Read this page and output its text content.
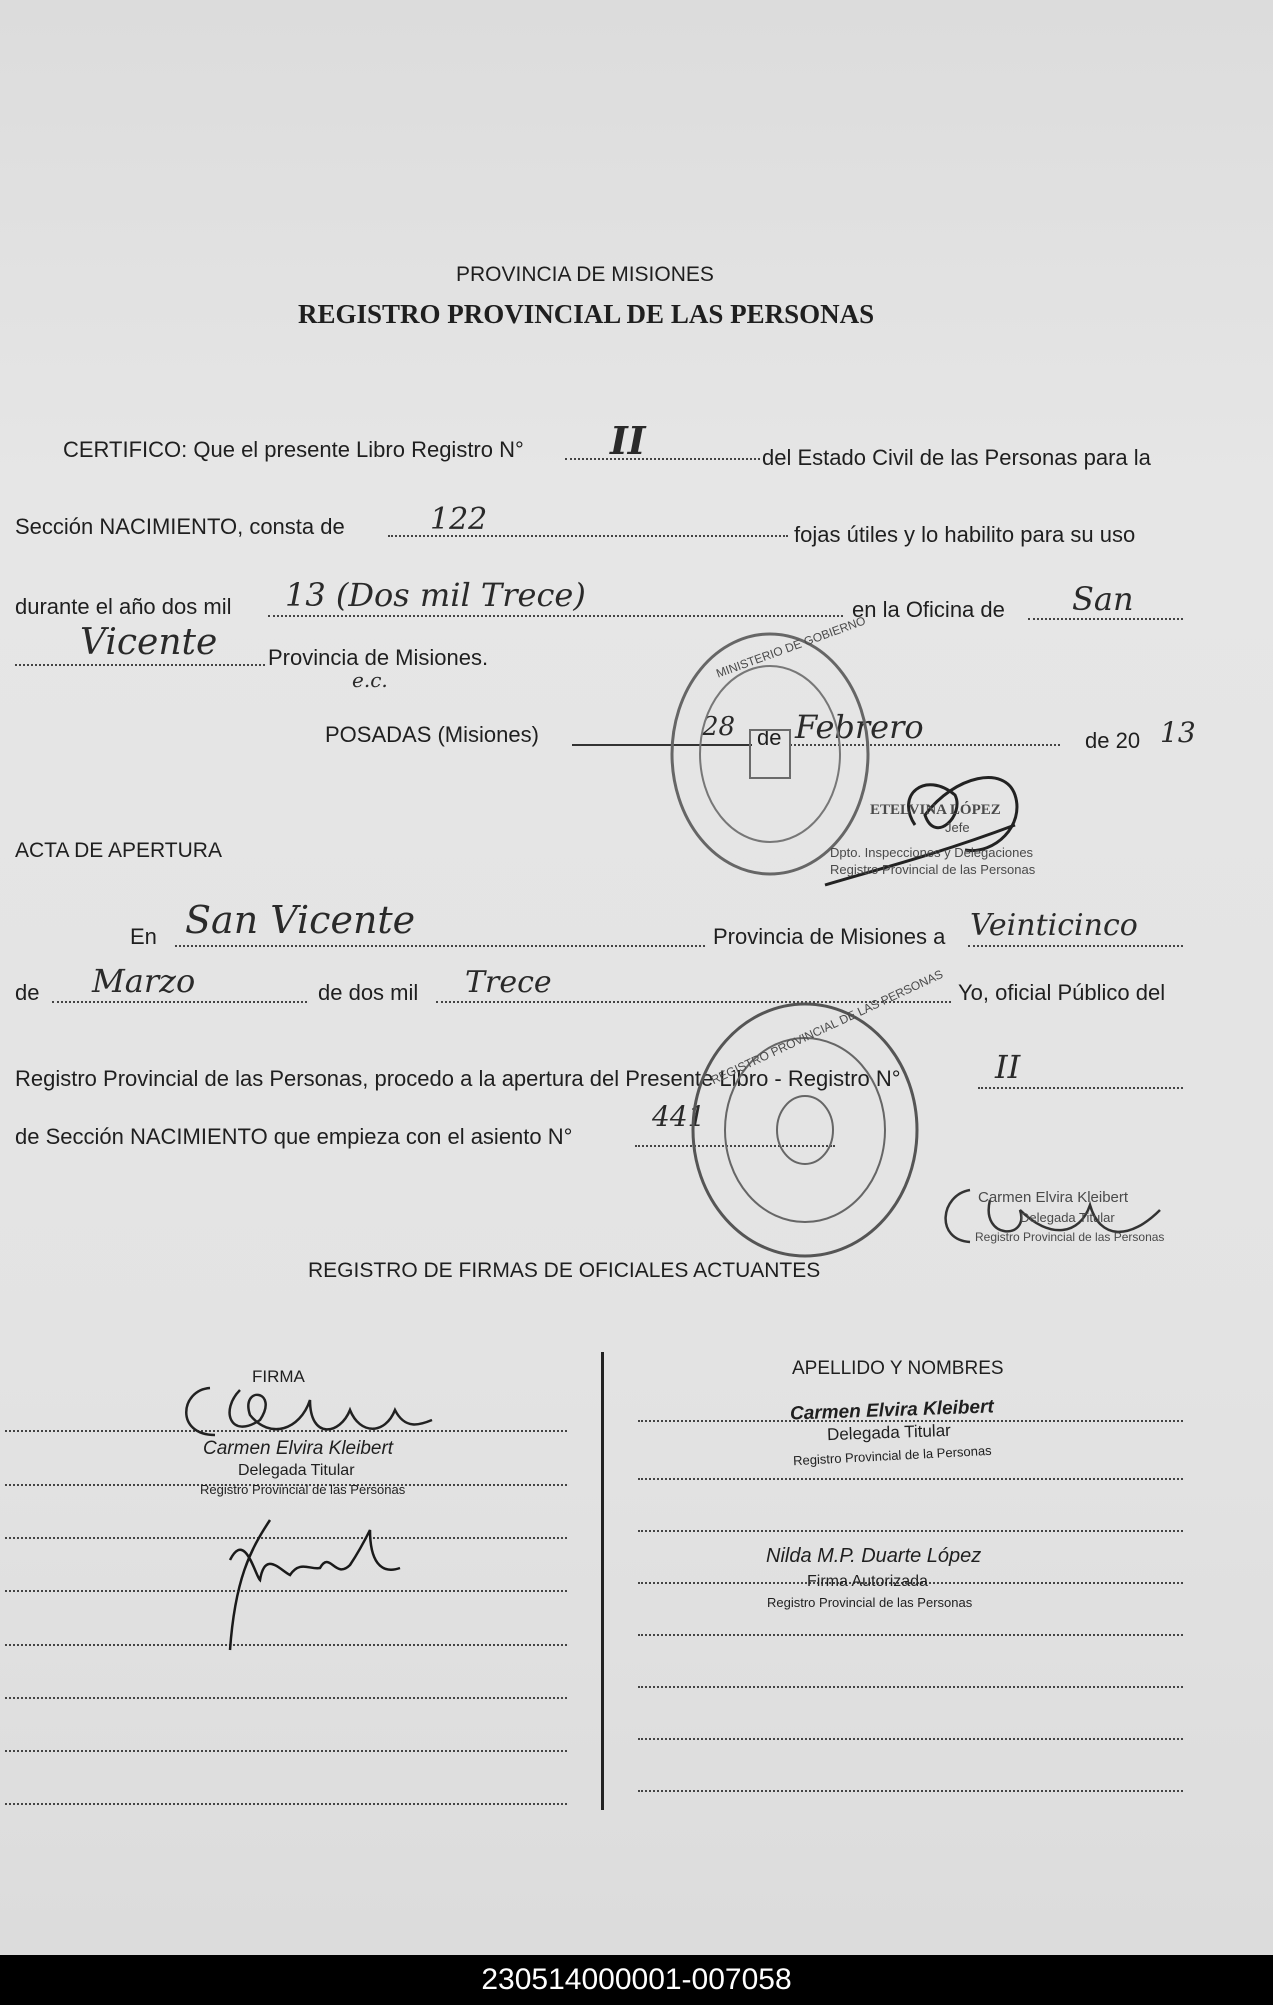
PROVINCIA DE MISIONES
REGISTRO PROVINCIAL DE LAS PERSONAS
CERTIFICO: Que el presente Libro Registro N° II	del Estado Civil de las Personas para la
Sección NACIMIENTO, consta de	122	fojas útiles y lo habilito para su uso
durante el año dos mil 13 (Dos mil Trece)	en la Oficina de San
Vicente Provincia de Misiones.
e.c.
POSADAS (Misiones)	28 de Febrero	de 20 13
MINISTERIO DE GOBIERNO
ETELVINA LÓPEZ
Jefe
Dpto. Inspecciones y Delegaciones
Registro Provincial de las Personas
ACTA DE APERTURA
En San Vicente	Provincia de Misiones a Veinticinco
de Marzo	de dos mil Trece	Yo, oficial Público del
Registro Provincial de las Personas, procedo a la apertura del Presente Libro - Registro N°	II
de Sección NACIMIENTO que empieza con el asiento N°
441
REGISTRO PROVINCIAL DE LAS PERSONAS
Carmen Elvira Kleibert
Delegada Titular
Registro Provincial de las Personas
REGISTRO DE FIRMAS DE OFICIALES ACTUANTES
FIRMA	APELLIDO Y NOMBRES
Carmen Elvira Kleibert
Delegada Titular
Registro Provincial de las Personas
Carmen Elvira Kleibert
Delegada Titular
Registro Provincial de la Personas
Nilda M.P. Duarte López
Firma Autorizada
Registro Provincial de las Personas
230514000001-007058
